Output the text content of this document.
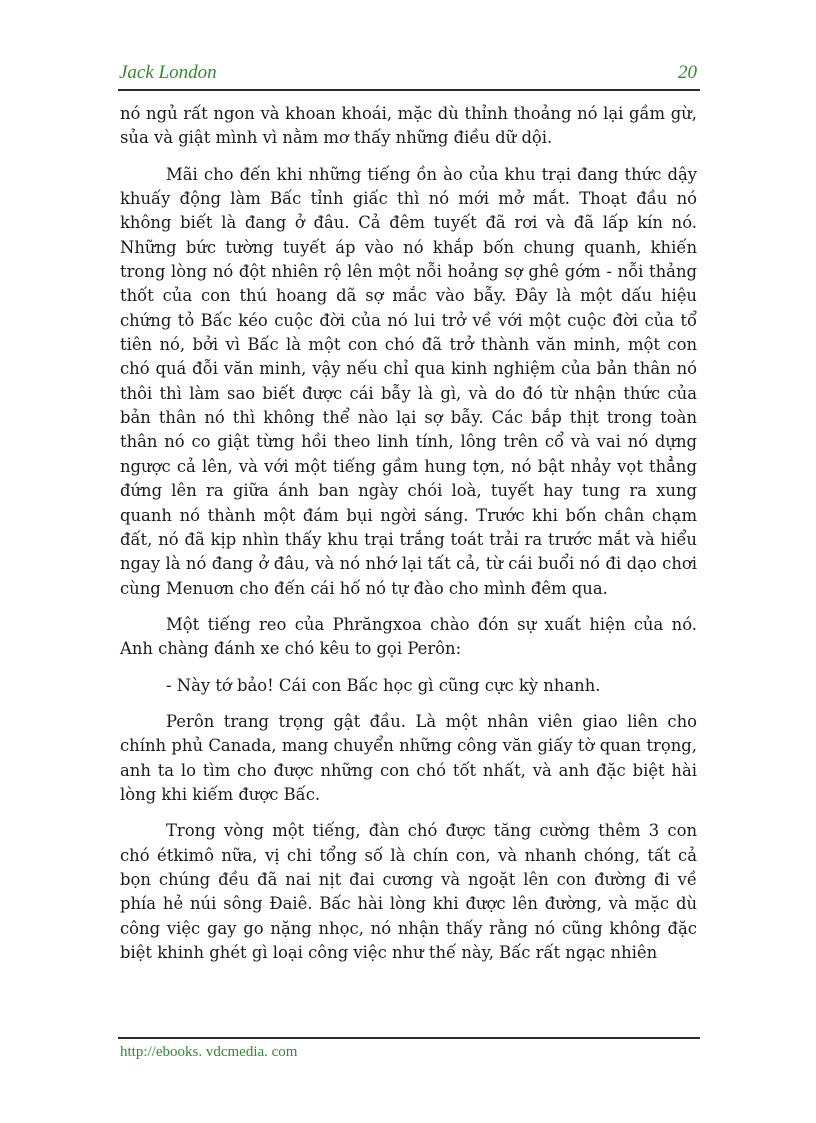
Jack London	20

nó ngủ rất ngon và khoan khoái, mặc dù thỉnh thoảng nó lại gầm gừ, sủa và giật mình vì nằm mơ thấy những điều dữ dội.

Mãi cho đến khi những tiếng ồn ào của khu trại đang thức dậy khuấy động làm Bấc tỉnh giấc thì nó mới mở mắt. Thoạt đầu nó không biết là đang ở đâu. Cả đêm tuyết đã rơi và đã lấp kín nó. Những bức tường tuyết áp vào nó khắp bốn chung quanh, khiến trong lòng nó đột nhiên rộ lên một nỗi hoảng sợ ghê gớm - nỗi thảng thốt của con thú hoang dã sợ mắc vào bẫy. Đây là một dấu hiệu chứng tỏ Bấc kéo cuộc đời của nó lui trở về với một cuộc đời của tổ tiên nó, bởi vì Bấc là một con chó đã trở thành văn minh, một con chó quá đỗi văn minh, vậy nếu chỉ qua kinh nghiệm của bản thân nó thôi thì làm sao biết được cái bẫy là gì, và do đó từ nhận thức của bản thân nó thì không thể nào lại sợ bẫy. Các bắp thịt trong toàn thân nó co giật từng hồi theo linh tính, lông trên cổ và vai nó dựng ngược cả lên, và với một tiếng gầm hung tợn, nó bật nhảy vọt thẳng đứng lên ra giữa ánh ban ngày chói loà, tuyết hay tung ra xung quanh nó thành một đám bụi ngời sáng. Trước khi bốn chân chạm đất, nó đã kịp nhìn thấy khu trại trắng toát trải ra trước mắt và hiểu ngay là nó đang ở đâu, và nó nhớ lại tất cả, từ cái buổi nó đi dạo chơi cùng Menuơn cho đến cái hố nó tự đào cho mình đêm qua.

Một tiếng reo của Phrăngxoa chào đón sự xuất hiện của nó. Anh chàng đánh xe chó kêu to gọi Perôn:

- Này tớ bảo! Cái con Bấc học gì cũng cực kỳ nhanh.

Perôn trang trọng gật đầu. Là một nhân viên giao liên cho chính phủ Canada, mang chuyển những công văn giấy tờ quan trọng, anh ta lo tìm cho được những con chó tốt nhất, và anh đặc biệt hài lòng khi kiếm được Bấc.

Trong vòng một tiếng, đàn chó được tăng cường thêm 3 con chó étkimô nữa, vị chi tổng số là chín con, và nhanh chóng, tất cả bọn chúng đều đã nai nịt đai cương và ngoặt lên con đường đi về phía hẻ núi sông Đaiê. Bấc hài lòng khi được lên đường, và mặc dù công việc gay go nặng nhọc, nó nhận thấy rằng nó cũng không đặc biệt khinh ghét gì loại công việc như thế này, Bấc rất ngạc nhiên

http://ebooks. vdcmedia. com
